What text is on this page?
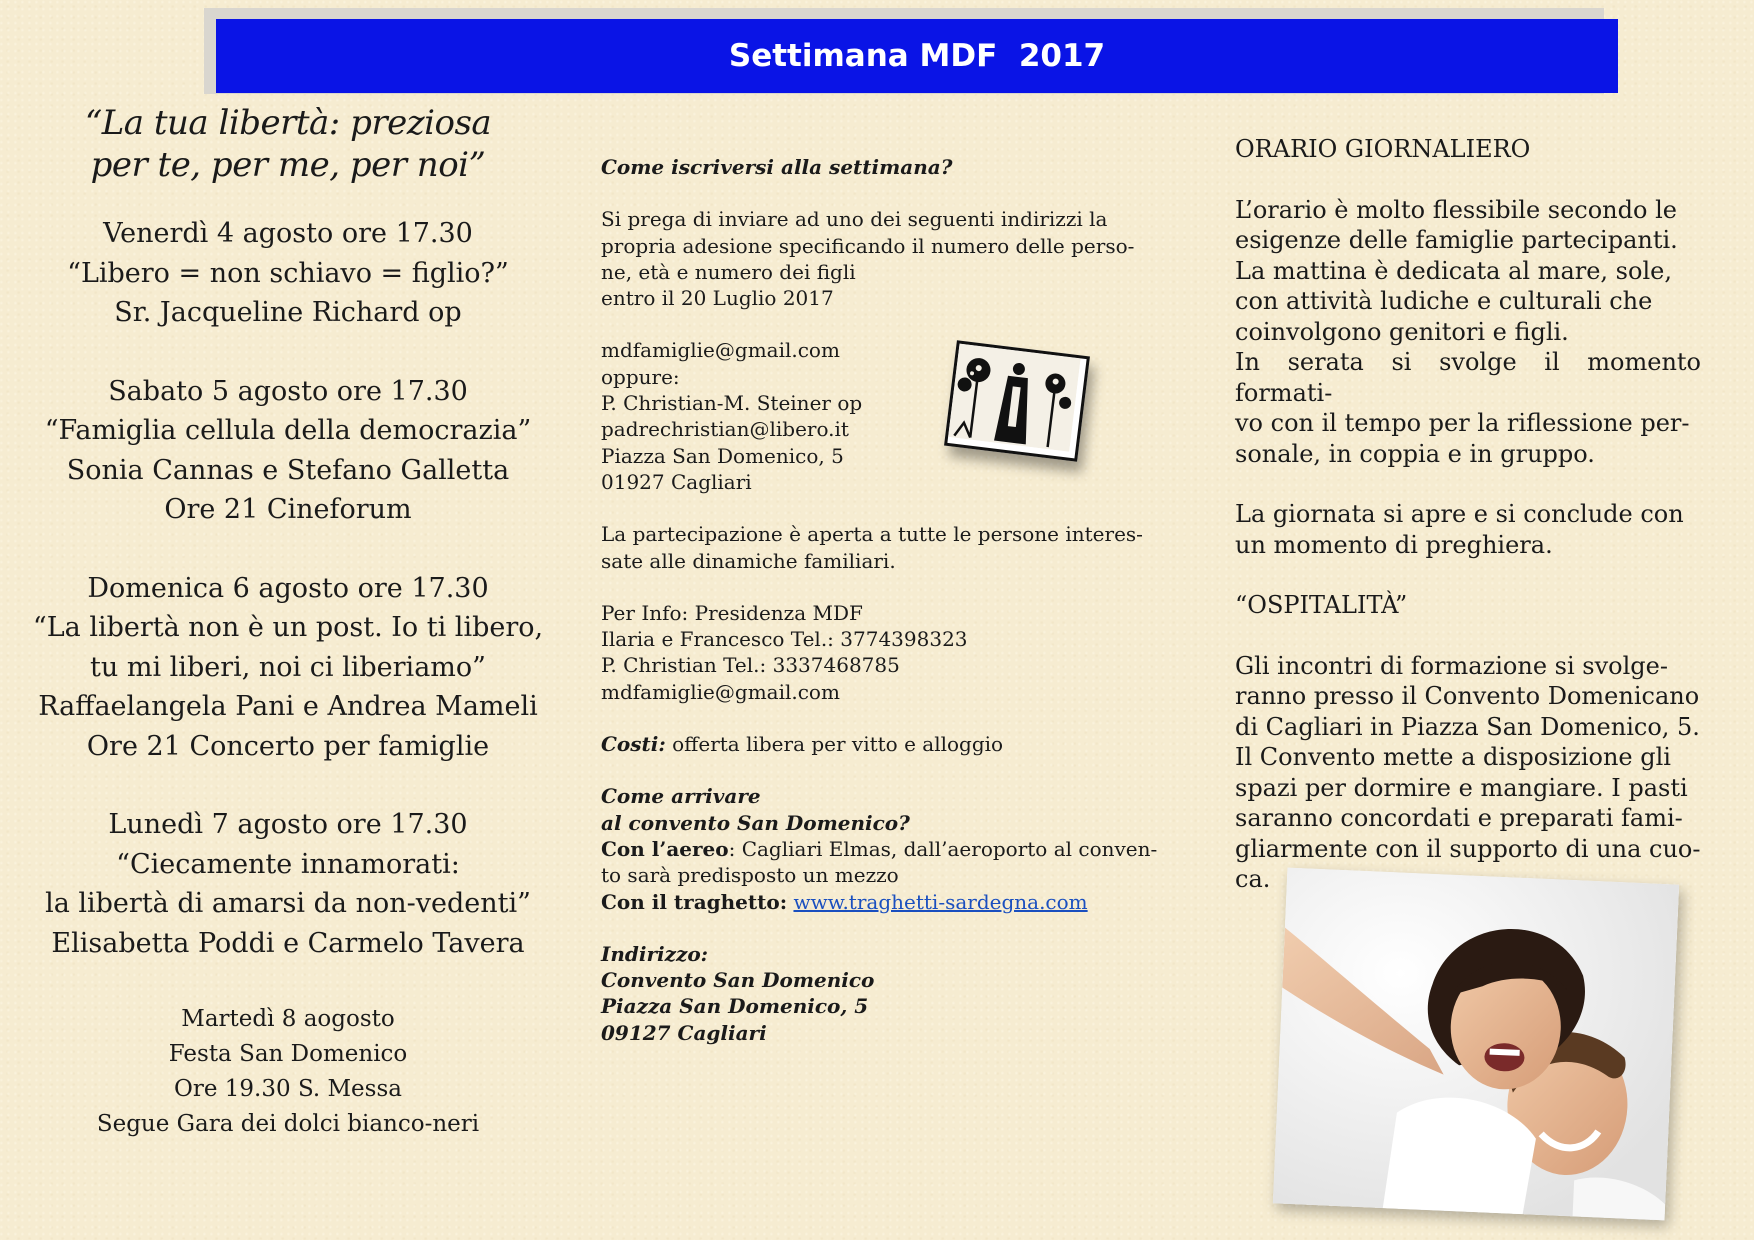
Settimana MDF  2017
“La tua libertà: preziosa
per te, per me, per noi”
Venerdì 4 agosto ore 17.30
“Libero = non schiavo = figlio?”
Sr. Jacqueline Richard op
Sabato 5 agosto ore 17.30
“Famiglia cellula della democrazia”
Sonia Cannas e Stefano Galletta
Ore 21 Cineforum
Domenica 6 agosto ore 17.30
“La libertà non è un post. Io ti libero,
tu mi liberi, noi ci liberiamo”
Raffaelangela Pani e Andrea Mameli
Ore 21 Concerto per famiglie
Lunedì 7 agosto ore 17.30
“Ciecamente innamorati:
la libertà di amarsi da non-vedenti”
Elisabetta Poddi e Carmelo Tavera
Martedì 8 aogosto
Festa San Domenico
Ore 19.30 S. Messa
Segue Gara dei dolci bianco-neri

Come iscriversi alla settimana?

Si prega di inviare ad uno dei seguenti indirizzi la

propria adesione specificando il numero delle perso-

ne, età e numero dei figli

entro il 20 Luglio 2017

mdfamiglie@gmail.com

oppure:

P. Christian-M. Steiner op

padrechristian@libero.it

Piazza San Domenico, 5

01927 Cagliari

La partecipazione è aperta a tutte le persone interes-

sate alle dinamiche familiari.

Per Info: Presidenza MDF

Ilaria e Francesco Tel.: 3774398323

P. Christian Tel.: 3337468785

mdfamiglie@gmail.com

Costi: offerta libera per vitto e alloggio

Come arrivare

al convento San Domenico?

Con l’aereo: Cagliari Elmas, dall’aeroporto al conven-

to sarà predisposto un mezzo

Con il traghetto: www.traghetti-sardegna.com

Indirizzo:

Convento San Domenico

Piazza San Domenico, 5

09127 Cagliari

ORARIO GIORNALIERO

L’orario è molto flessibile secondo le

esigenze delle famiglie partecipanti.

La mattina è dedicata al mare, sole,

con attività ludiche e culturali che

coinvolgono genitori e figli.

In serata si svolge il momento formati-

vo con il tempo per la riflessione per-

sonale, in coppia e in gruppo.

La giornata si apre e si conclude con

un momento di preghiera.

“OSPITALITÀ”

Gli incontri di formazione si svolge-

ranno presso il Convento Domenicano

di Cagliari in Piazza San Domenico, 5.

Il Convento mette a disposizione gli

spazi per dormire e mangiare. I pasti

saranno concordati e preparati fami-

gliarmente con il supporto di una cuo-

ca.
